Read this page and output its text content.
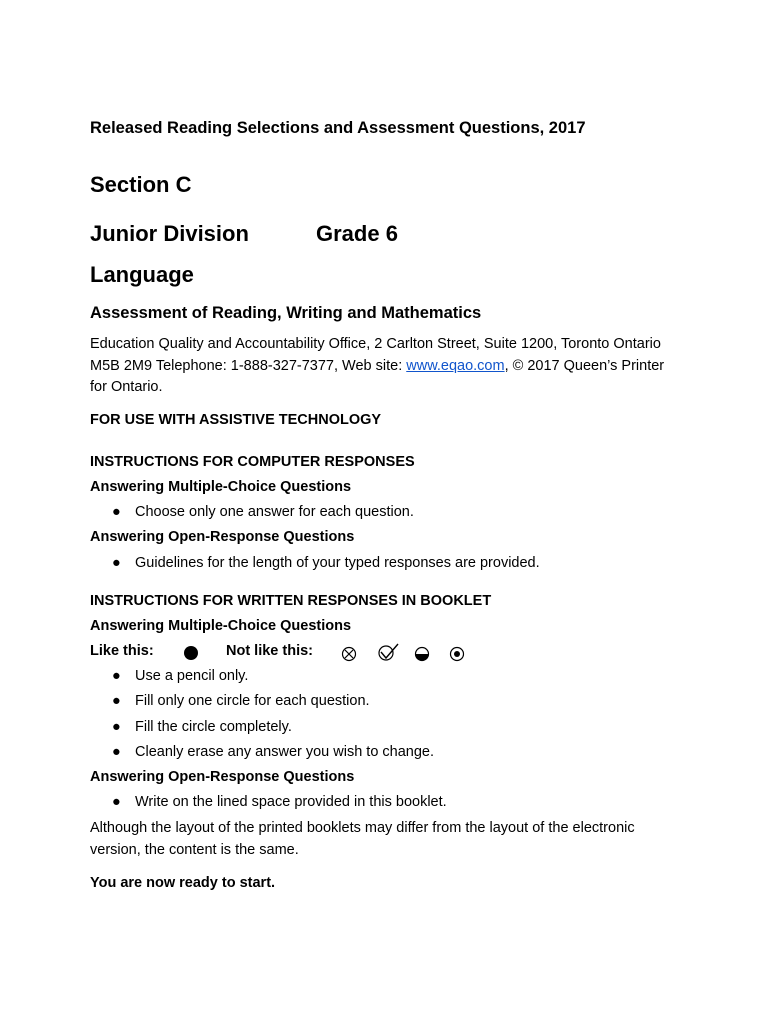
Released Reading Selections and Assessment Questions, 2017
Section C
Junior Division	Grade 6
Language
Assessment of Reading, Writing and Mathematics
Education Quality and Accountability Office, 2 Carlton Street, Suite 1200, Toronto Ontario M5B 2M9 Telephone: 1-888-327-7377, Web site: www.eqao.com, © 2017 Queen’s Printer for Ontario.
FOR USE WITH ASSISTIVE TECHNOLOGY
INSTRUCTIONS FOR COMPUTER RESPONSES
Answering Multiple-Choice Questions
● Choose only one answer for each question.
Answering Open-Response Questions
● Guidelines for the length of your typed responses are provided.
INSTRUCTIONS FOR WRITTEN RESPONSES IN BOOKLET
Answering Multiple-Choice Questions
Like this:	Not like this:
● Use a pencil only.
● Fill only one circle for each question.
● Fill the circle completely.
● Cleanly erase any answer you wish to change.
Answering Open-Response Questions
● Write on the lined space provided in this booklet.
Although the layout of the printed booklets may differ from the layout of the electronic version, the content is the same.
You are now ready to start.
